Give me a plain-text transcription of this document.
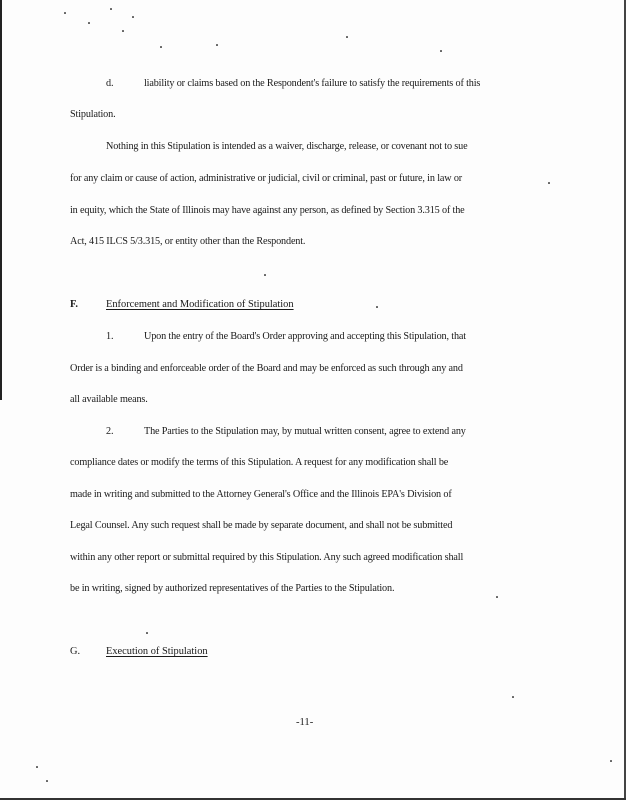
d.	liability or claims based on the Respondent's failure to satisfy the requirements of this
Stipulation.
Nothing in this Stipulation is intended as a waiver, discharge, release, or covenant not to sue
for any claim or cause of action, administrative or judicial, civil or criminal, past or future, in law or
in equity, which the State of Illinois may have against any person, as defined by Section 3.315 of the
Act, 415 ILCS 5/3.315, or entity other than the Respondent.
F.	Enforcement and Modification of Stipulation
1.	Upon the entry of the Board's Order approving and accepting this Stipulation, that
Order is a binding and enforceable order of the Board and may be enforced as such through any and
all available means.
2.	The Parties to the Stipulation may, by mutual written consent, agree to extend any
compliance dates or modify the terms of this Stipulation. A request for any modification shall be
made in writing and submitted to the Attorney General's Office and the Illinois EPA's Division of
Legal Counsel. Any such request shall be made by separate document, and shall not be submitted
within any other report or submittal required by this Stipulation. Any such agreed modification shall
be in writing, signed by authorized representatives of the Parties to the Stipulation.
G. Execution of Stipulation
-11-
